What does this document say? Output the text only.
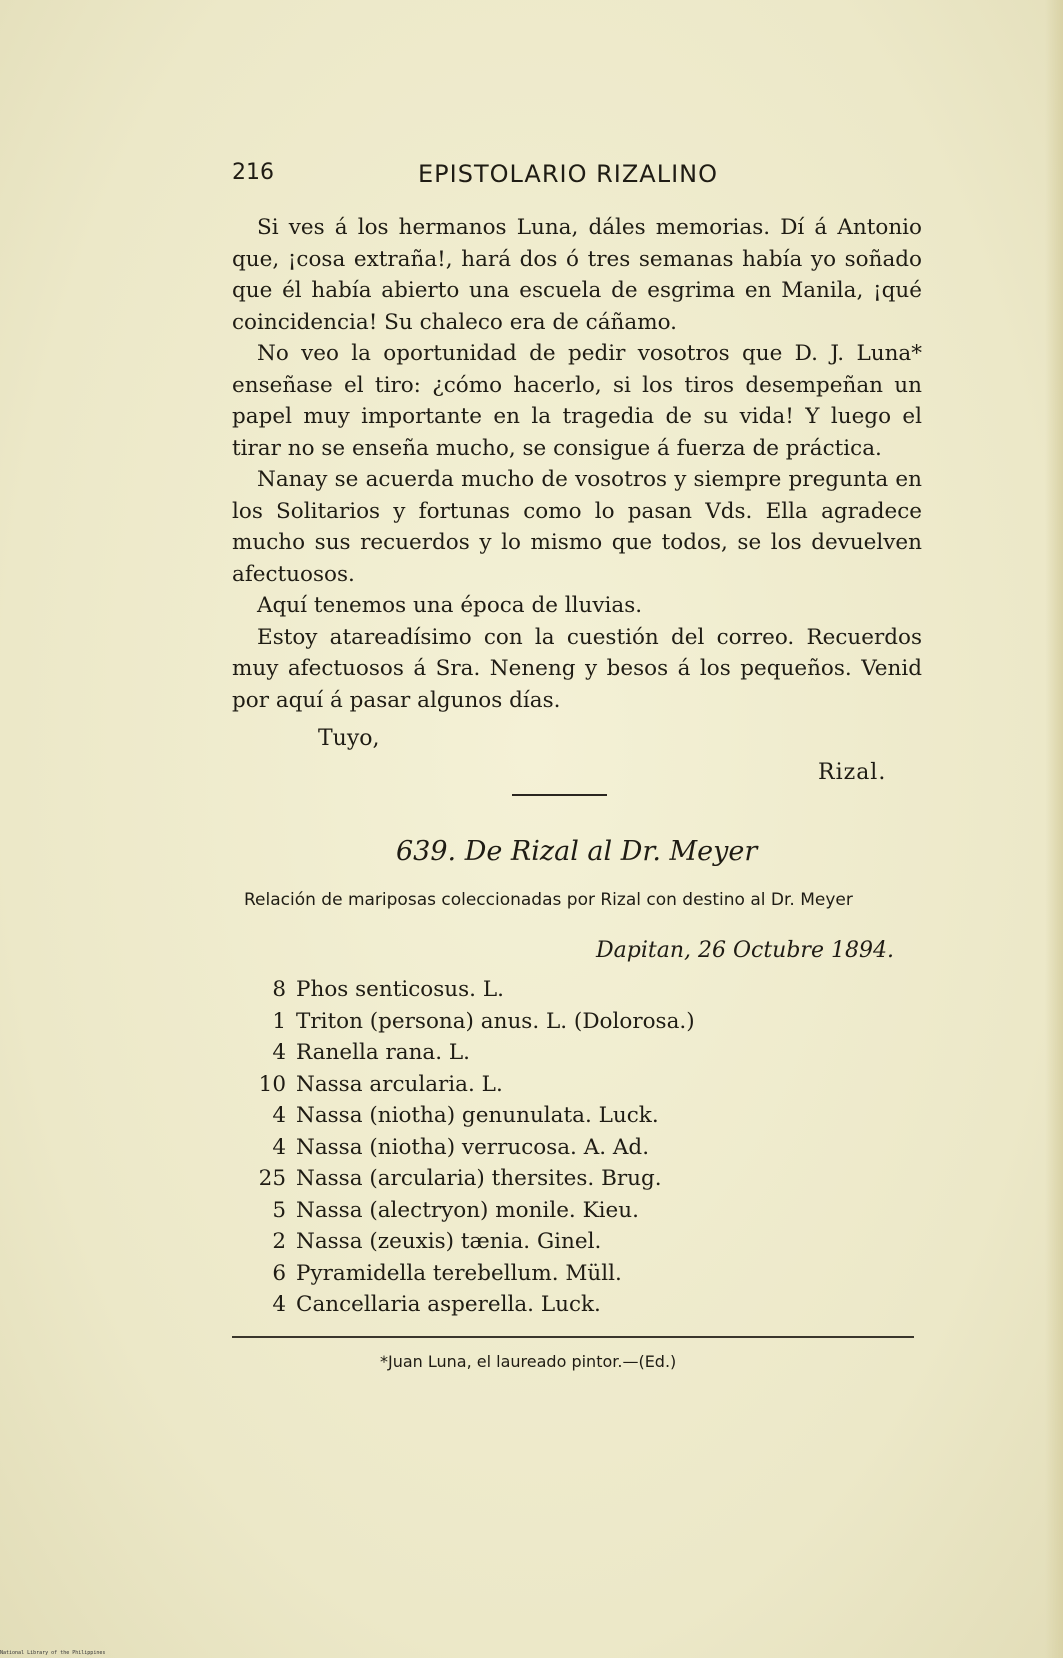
216	EPISTOLARIO RIZALINO

Si ves á los hermanos Luna, dáles memorias. Dí á Antonio que, ¡cosa extraña!, hará dos ó tres semanas había yo soñado que él había abierto una escuela de esgrima en Manila, ¡qué coincidencia! Su chaleco era de cáñamo.

No veo la oportunidad de pedir vosotros que D. J. Luna* enseñase el tiro: ¿cómo hacerlo, si los tiros desempeñan un papel muy importante en la tragedia de su vida! Y luego el tirar no se enseña mucho, se consigue á fuerza de práctica.

Nanay se acuerda mucho de vosotros y siempre pregunta en los Solitarios y fortunas como lo pasan Vds. Ella agradece mucho sus recuerdos y lo mismo que todos, se los devuelven afectuosos.

Aquí tenemos una época de lluvias.

Estoy atareadísimo con la cuestión del correo. Recuerdos muy afectuosos á Sra. Neneng y besos á los pequeños. Venid por aquí á pasar algunos días.

Tuyo,
Rizal.
639. De Rizal al Dr. Meyer
Relación de mariposas coleccionadas por Rizal con destino al Dr. Meyer
Dapitan, 26 Octubre 1894.
8 Phos senticosus. L.
1 Triton (persona) anus. L. (Dolorosa.)
4 Ranella rana. L.
10 Nassa arcularia. L.
4 Nassa (niotha) genunulata. Luck.
4 Nassa (niotha) verrucosa. A. Ad.
25 Nassa (arcularia) thersites. Brug.
5 Nassa (alectryon) monile. Kieu.
2 Nassa (zeuxis) tænia. Ginel.
6 Pyramidella terebellum. Müll.
4 Cancellaria asperella. Luck.
*Juan Luna, el laureado pintor.—(Ed.)
National Library of the Philippines
